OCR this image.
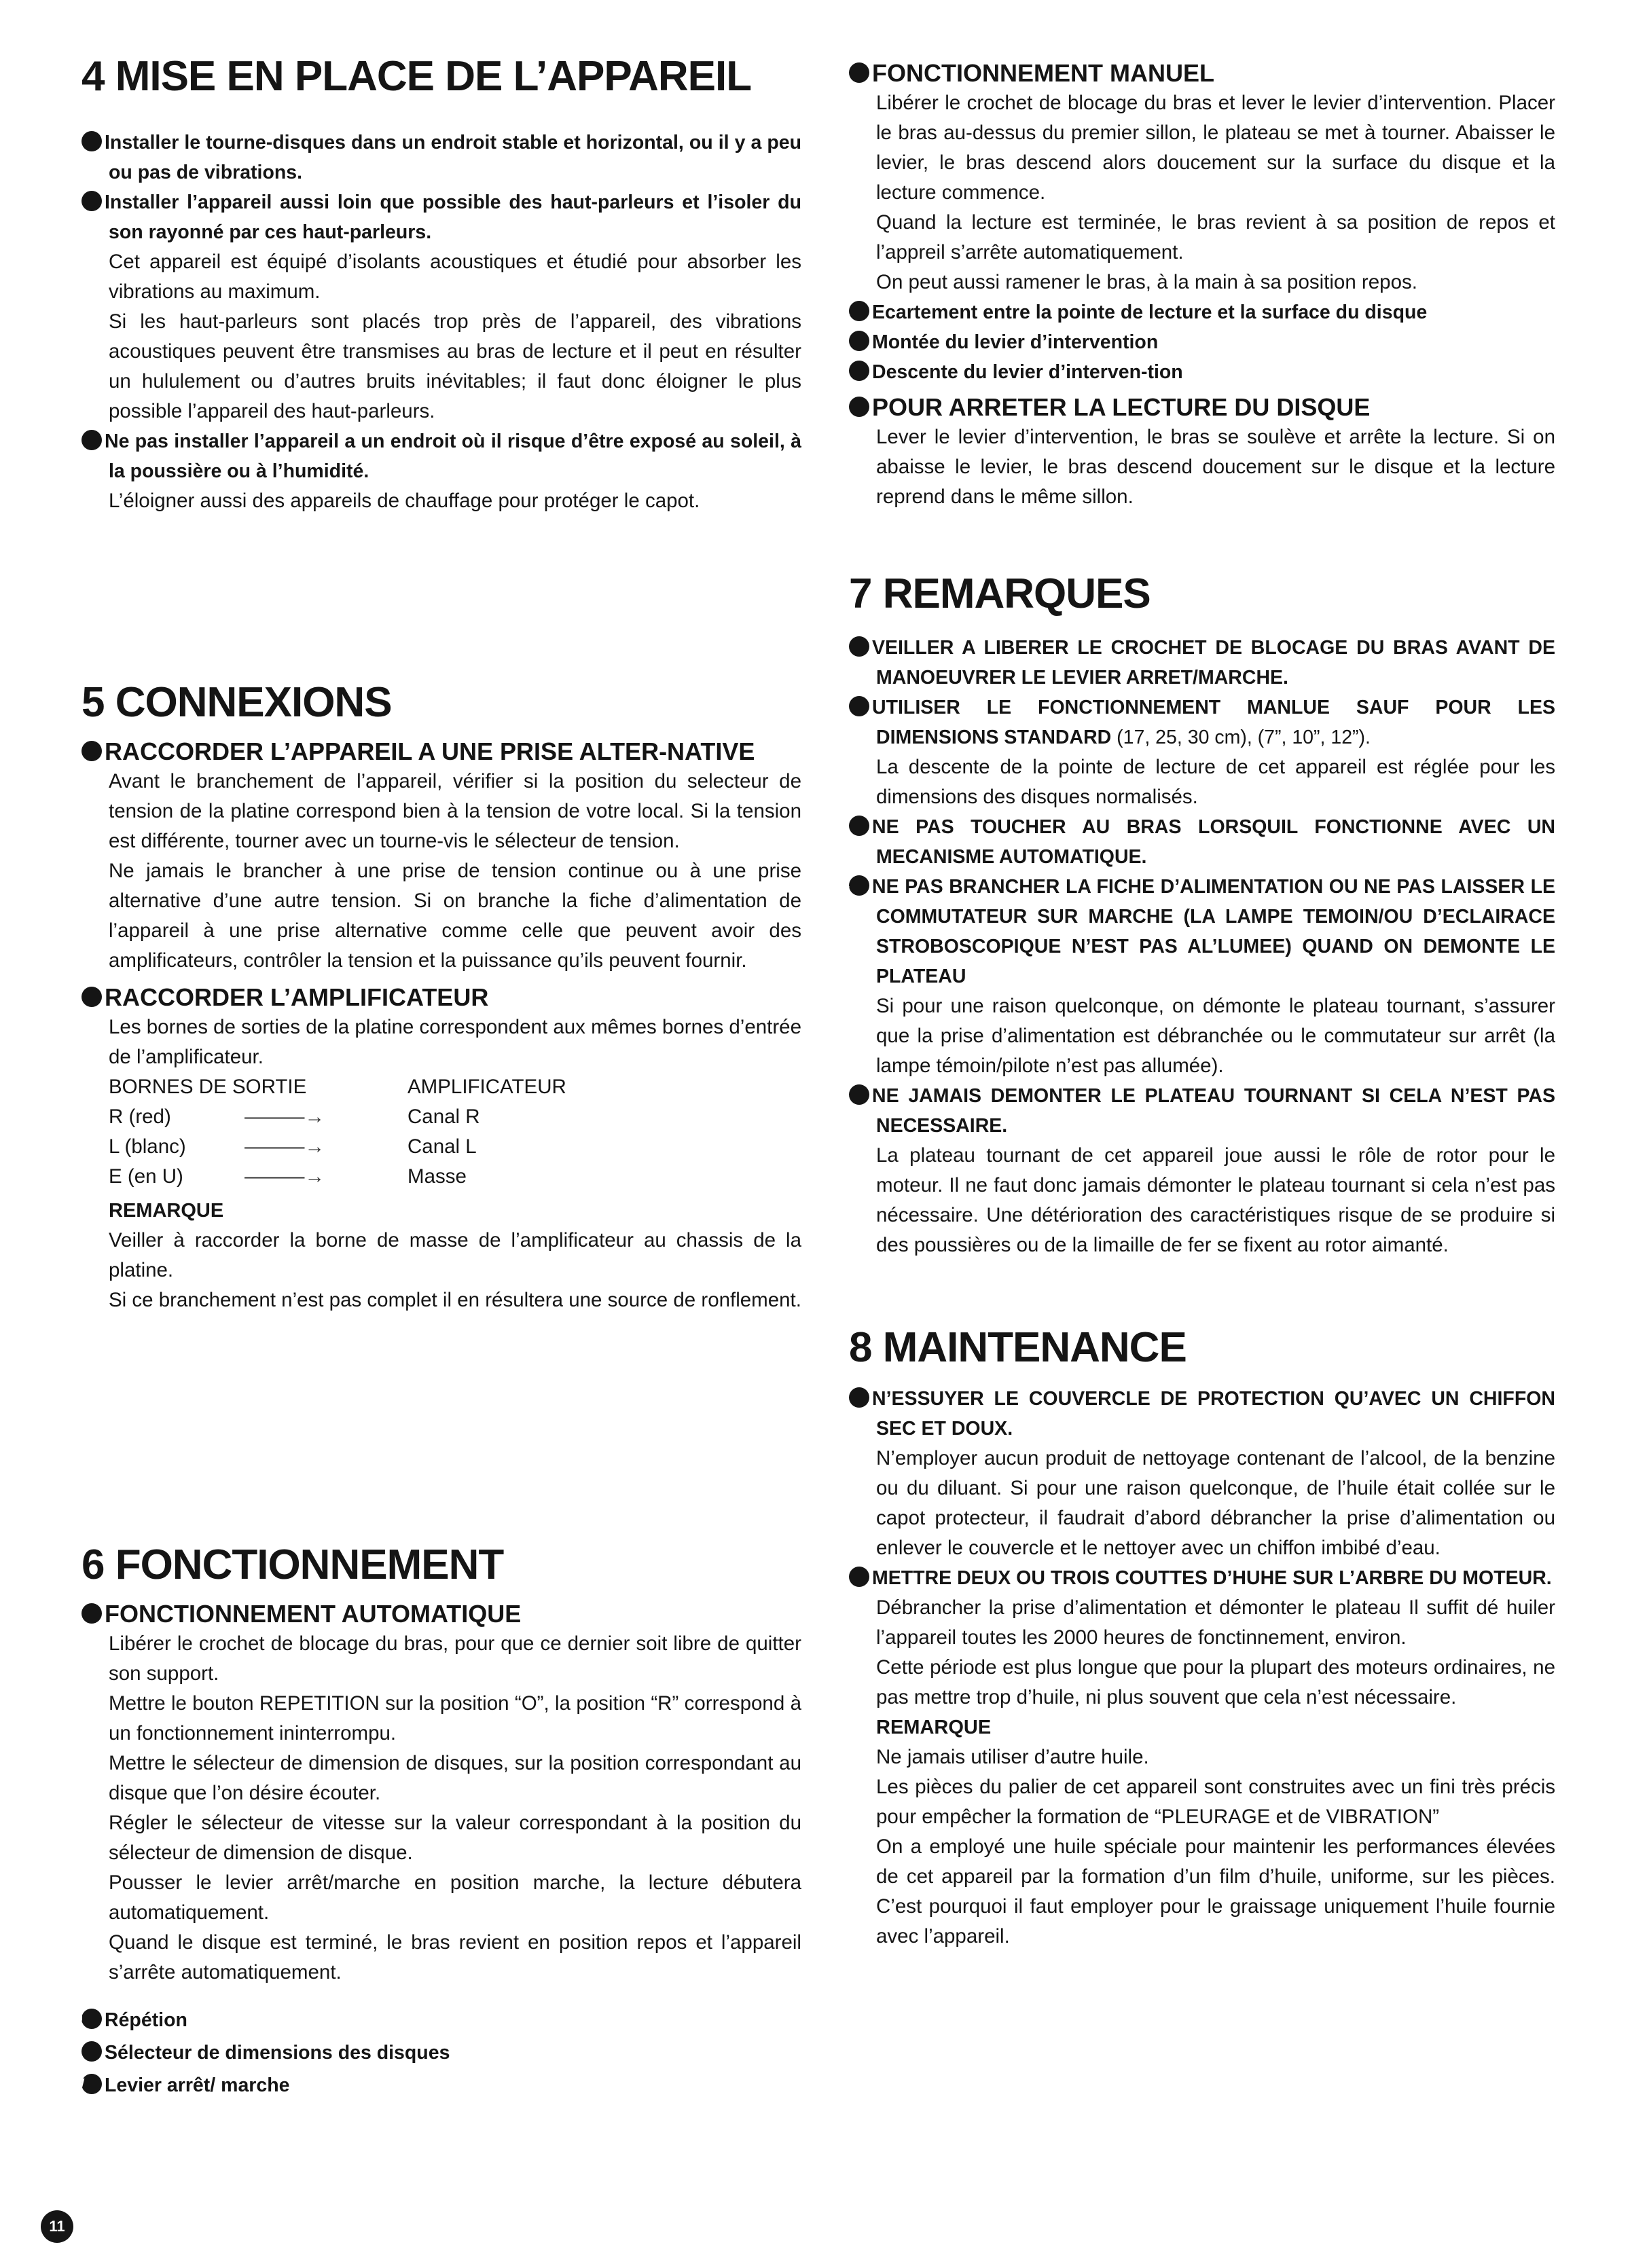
4 MISE EN PLACE DE L’APPAREIL

1 Installer le tourne-disques dans un endroit stable et horizontal, ou il y a peu ou pas de vibrations.

2 Installer l’appareil aussi loin que possible des haut-parleurs et l’isoler du son rayonné par ces haut-parleurs.

Cet appareil est équipé d’isolants acoustiques et étudié pour absorber les vibrations au maximum.

Si les haut-parleurs sont placés trop près de l’appareil, des vibrations acoustiques peuvent être transmises au bras de lecture et il peut en résulter un hululement ou d’autres bruits inévitables; il faut donc éloigner le plus possible l’appareil des haut-parleurs.

3 Ne pas installer l’appareil a un endroit où il risque d’être exposé au soleil, à la poussière ou à l’humidité.

L’éloigner aussi des appareils de chauffage pour protéger le capot.

5 CONNEXIONS

1 RACCORDER L’APPAREIL A UNE PRISE ALTER-NATIVE

Avant le branchement de l’appareil, vérifier si la position du selecteur de tension de la platine correspond bien à la tension de votre local. Si la tension est différente, tourner avec un tourne-vis le sélecteur de tension.

Ne jamais le brancher à une prise de tension continue ou à une prise alternative d’une autre tension. Si on branche la fiche d’alimentation de l’appareil à une prise alternative comme celle que peuvent avoir des amplificateurs, contrôler la tension et la puissance qu’ils peuvent fournir.

2 RACCORDER L’AMPLIFICATEUR

Les bornes de sorties de la platine correspondent aux mêmes bornes d’entrée de l’amplificateur.

BORNES DE SORTIE	AMPLIFICATEUR
R (red)	———→	Canal R
L (blanc)	———→	Canal L
E (en U)	———→	Masse

REMARQUE

Veiller à raccorder la borne de masse de l’amplificateur au chassis de la platine.

Si ce branchement n’est pas complet il en résultera une source de ronflement.

6 FONCTIONNEMENT

1 FONCTIONNEMENT AUTOMATIQUE

Libérer le crochet de blocage du bras, pour que ce dernier soit libre de quitter son support.

Mettre le bouton REPETITION sur la position “O”, la position “R” correspond à un fonctionnement ininterrompu.

Mettre le sélecteur de dimension de disques, sur la position correspondant au disque que l’on désire écouter.

Régler le sélecteur de vitesse sur la valeur correspondant à la position du sélecteur de dimension de disque.

Pousser le levier arrêt/marche en position marche, la lecture débutera automatiquement.

Quand le disque est terminé, le bras revient en position repos et l’appareil s’arrête automatiquement.

U Répétion

V Sélecteur de dimensions des disques

W Levier arrêt/ marche

2 FONCTIONNEMENT MANUEL

Libérer le crochet de blocage du bras et lever le levier d’intervention. Placer le bras au-dessus du premier sillon, le plateau se met à tourner. Abaisser le levier, le bras descend alors doucement sur la surface du disque et la lecture commence.

Quand la lecture est terminée, le bras revient à sa position de repos et l’appreil s’arrête automatiquement.

On peut aussi ramener le bras, à la main à sa position repos.

X Ecartement entre la pointe de lecture et la surface du disque

Y Montée du levier d’intervention

Z Descente du levier d’interven-tion

3 POUR ARRETER LA LECTURE DU DISQUE

Lever le levier d’intervention, le bras se soulève et arrête la lecture. Si on abaisse le levier, le bras descend doucement sur le disque et la lecture reprend dans le même sillon.

7 REMARQUES

1 VEILLER A LIBERER LE CROCHET DE BLOCAGE DU BRAS AVANT DE MANOEUVRER LE LEVIER ARRET/MARCHE.

2 UTILISER LE FONCTIONNEMENT MANLUE SAUF POUR LES DIMENSIONS STANDARD (17, 25, 30 cm), (7”, 10”, 12”).

La descente de la pointe de lecture de cet appareil est réglée pour les dimensions des disques normalisés.

3 NE PAS TOUCHER AU BRAS LORSQUIL FONCTIONNE AVEC UN MECANISME AUTOMATIQUE.

4 NE PAS BRANCHER LA FICHE D’ALIMENTATION OU NE PAS LAISSER LE COMMUTATEUR SUR MARCHE (LA LAMPE TEMOIN/OU D’ECLAIRACE STROBOSCOPIQUE N’EST PAS AL’LUMEE) QUAND ON DEMONTE LE PLATEAU

Si pour une raison quelconque, on démonte le plateau tournant, s’assurer que la prise d’alimentation est débranchée ou le commutateur sur arrêt (la lampe témoin/pilote n’est pas allumée).

5 NE JAMAIS DEMONTER LE PLATEAU TOURNANT SI CELA N’EST PAS NECESSAIRE.

La plateau tournant de cet appareil joue aussi le rôle de rotor pour le moteur. Il ne faut donc jamais démonter le plateau tournant si cela n’est pas nécessaire. Une détérioration des caractéristiques risque de se produire si des poussières ou de la limaille de fer se fixent au rotor aimanté.

8 MAINTENANCE

1 N’ESSUYER LE COUVERCLE DE PROTECTION QU’AVEC UN CHIFFON SEC ET DOUX.

N’employer aucun produit de nettoyage contenant de l’alcool, de la benzine ou du diluant. Si pour une raison quelconque, de l’huile était collée sur le capot protecteur, il faudrait d’abord débrancher la prise d’alimentation ou enlever le couvercle et le nettoyer avec un chiffon imbibé d’eau.

2 METTRE DEUX OU TROIS COUTTES D’HUHE SUR L’ARBRE DU MOTEUR.

Débrancher la prise d’alimentation et démonter le plateau Il suffit dé huiler l’appareil toutes les 2000 heures de fonctinnement, environ.

Cette période est plus longue que pour la plupart des moteurs ordinaires, ne pas mettre trop d’huile, ni plus souvent que cela n’est nécessaire.

REMARQUE

Ne jamais utiliser d’autre huile.

Les pièces du palier de cet appareil sont construites avec un fini très précis pour empêcher la formation de “PLEURAGE et de VIBRATION”

On a employé une huile spéciale pour maintenir les performances élevées de cet appareil par la formation d’un film d’huile, uniforme, sur les pièces. C’est pourquoi il faut employer pour le graissage uniquement l’huile fournie avec l’appareil.

11
